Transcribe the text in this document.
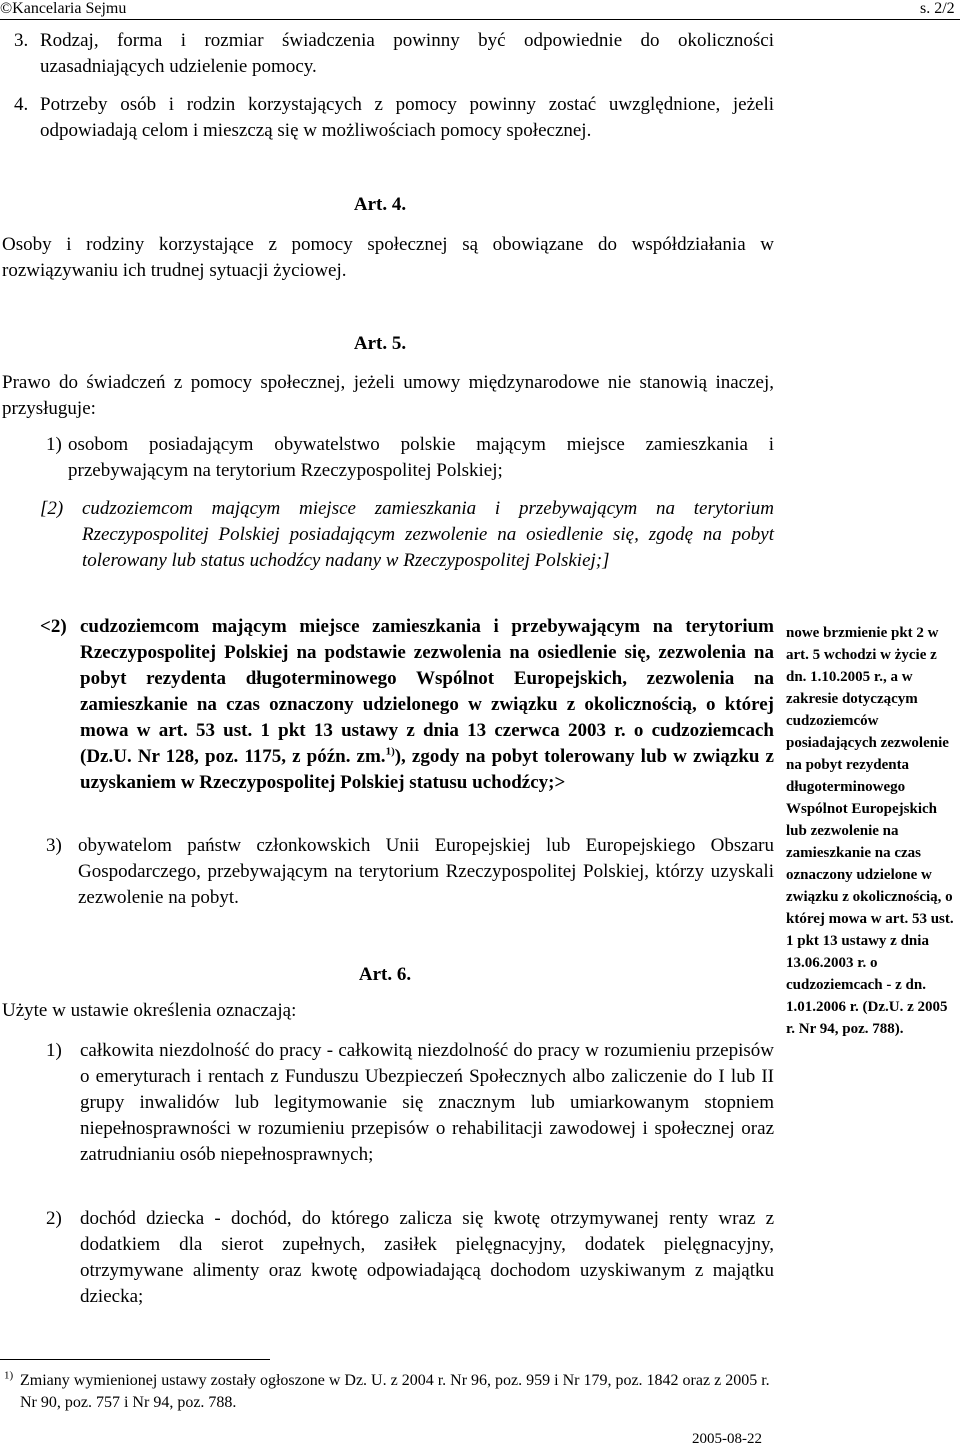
©Kancelaria Sejmu	s. 2/2
3. Rodzaj, forma i rozmiar świadczenia powinny być odpowiednie do okoliczności uzasadniających udzielenie pomocy.
4. Potrzeby osób i rodzin korzystających z pomocy powinny zostać uwzględnione, jeżeli odpowiadają celom i mieszczą się w możliwościach pomocy społecznej.
Art. 4.
Osoby i rodziny korzystające z pomocy społecznej są obowiązane do współdziałania w rozwiązywaniu ich trudnej sytuacji życiowej.
Art. 5.
Prawo do świadczeń z pomocy społecznej, jeżeli umowy międzynarodowe nie stanowią inaczej, przysługuje:
1) osobom posiadającym obywatelstwo polskie mającym miejsce zamieszkania i przebywającym na terytorium Rzeczypospolitej Polskiej;
[2) cudzoziemcom mającym miejsce zamieszkania i przebywającym na terytorium Rzeczypospolitej Polskiej posiadającym zezwolenie na osiedlenie się, zgodę na pobyt tolerowany lub status uchodźcy nadany w Rzeczypospolitej Polskiej;]
<2) cudzoziemcom mającym miejsce zamieszkania i przebywającym na terytorium Rzeczypospolitej Polskiej na podstawie zezwolenia na osiedlenie się, zezwolenia na pobyt rezydenta długoterminowego Wspólnot Europejskich, zezwolenia na zamieszkanie na czas oznaczony udzielonego w związku z okolicznością, o której mowa w art. 53 ust. 1 pkt 13 ustawy z dnia 13 czerwca 2003 r. o cudzoziemcach (Dz.U. Nr 128, poz. 1175, z późn. zm.$^{1)}$), zgody na pobyt tolerowany lub w związku z uzyskaniem w Rzeczypospolitej Polskiej statusu uchodźcy;>
3) obywatelom państw członkowskich Unii Europejskiej lub Europejskiego Obszaru Gospodarczego, przebywającym na terytorium Rzeczypospolitej Polskiej, którzy uzyskali zezwolenie na pobyt.
Art. 6.
Użyte w ustawie określenia oznaczają:
1) całkowita niezdolność do pracy - całkowitą niezdolność do pracy w rozumieniu przepisów o emeryturach i rentach z Funduszu Ubezpieczeń Społecznych albo zaliczenie do I lub II grupy inwalidów lub legitymowanie się znacznym lub umiarkowanym stopniem niepełnosprawności w rozumieniu przepisów o rehabilitacji zawodowej i społecznej oraz zatrudnianiu osób niepełnosprawnych;
2) dochód dziecka - dochód, do którego zalicza się kwotę otrzymywanej renty wraz z dodatkiem dla sierot zupełnych, zasiłek pielęgnacyjny, dodatek pielęgnacyjny, otrzymywane alimenty oraz kwotę odpowiadającą dochodom uzyskiwanym z majątku dziecka;
nowe brzmienie pkt 2 w art. 5 wchodzi w życie z dn. 1.10.2005 r., a w zakresie dotyczącym cudzoziemców posiadających zezwolenie na pobyt rezydenta długoterminowego Wspólnot Europejskich lub zezwolenie na zamieszkanie na czas oznaczony udzielone w związku z okolicznością, o której mowa w art. 53 ust. 1 pkt 13 ustawy z dnia 13.06.2003 r. o cudzoziemcach - z dn. 1.01.2006 r. (Dz.U. z 2005 r. Nr 94, poz. 788).
$^{1)}$ Zmiany wymienionej ustawy zostały ogłoszone w Dz. U. z 2004 r. Nr 96, poz. 959 i Nr 179, poz. 1842 oraz z 2005 r. Nr 90, poz. 757 i Nr 94, poz. 788.
2005-08-22
